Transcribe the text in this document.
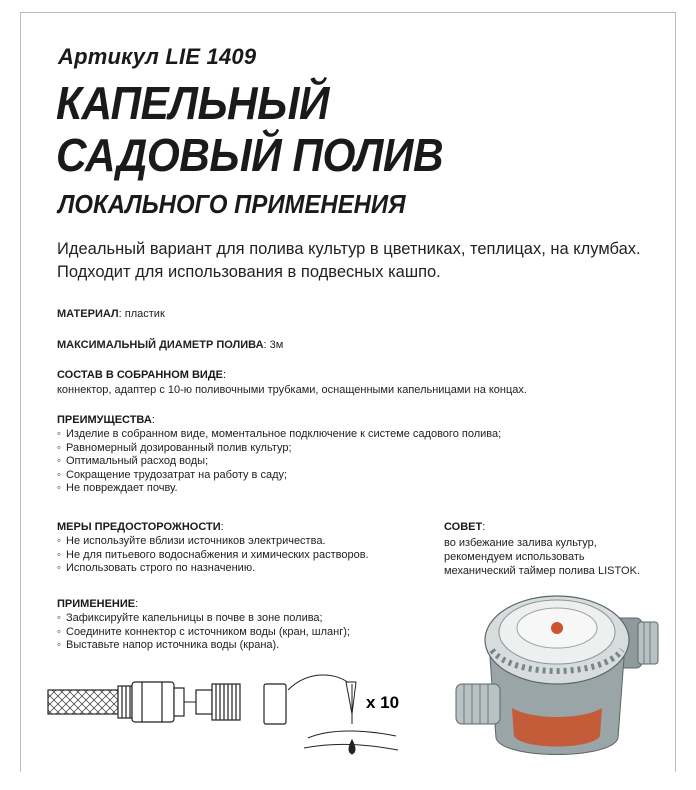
Артикул LIE 1409
КАПЕЛЬНЫЙ
САДОВЫЙ ПОЛИВ
ЛОКАЛЬНОГО ПРИМЕНЕНИЯ
Идеальный вариант для полива культур в цветниках, теплицах, на клумбах.
Подходит для использования в подвесных кашпо.
МАТЕРИАЛ: пластик
МАКСИМАЛЬНЫЙ ДИАМЕТР ПОЛИВА: 3м
СОСТАВ В СОБРАННОМ ВИДЕ:
коннектор, адаптер с 10-ю поливочными трубками, оснащенными капельницами на концах.
ПРЕИМУЩЕСТВА:
◦ Изделие в собранном виде, моментальное подключение к системе садового полива;
◦ Равномерный дозированный полив культур;
◦ Оптимальный расход воды;
◦ Сокращение трудозатрат на работу в саду;
◦ Не повреждает почву.
МЕРЫ ПРЕДОСТОРОЖНОСТИ:
◦ Не используйте вблизи источников электричества.
◦ Не для питьевого водоснабжения и химических растворов.
◦ Использовать строго по назначению.
СОВЕТ:
во избежание залива культур,
рекомендуем использовать
механический таймер полива LISTOK.
ПРИМЕНЕНИЕ:
◦ Зафиксируйте капельницы в почве в зоне полива;
◦ Соедините коннектор с источником воды (кран, шланг);
◦ Выставьте напор источника воды (крана).
x 10
